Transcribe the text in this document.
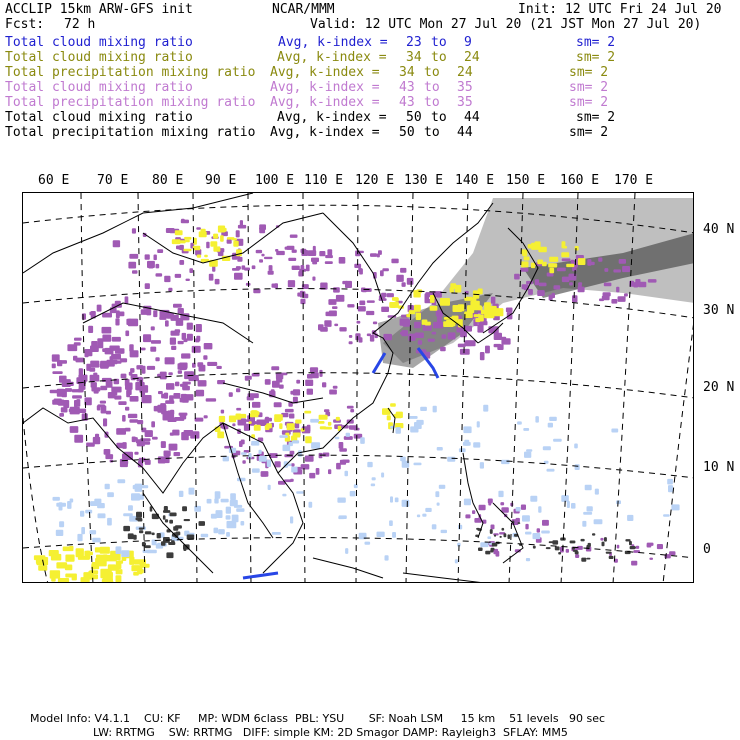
ACCLIP 15km ARW-GFS init	NCAR/MMM	Init: 12 UTC Fri 24 Jul 20
Fcst: 72 h	Valid: 12 UTC Mon 27 Jul 20 (21 JST Mon 27 Jul 20)
Total cloud mixing ratio	Avg, k-index = 23 to 9	sm= 2
Total cloud mixing ratio	Avg, k-index = 34 to 24	sm= 2
Total precipitation mixing ratio Avg, k-index = 34 to 24	sm= 2
Total cloud mixing ratio	Avg, k-index = 43 to 35	sm= 2
Total precipitation mixing ratio Avg, k-index = 43 to 35	sm= 2
Total cloud mixing ratio	Avg, k-index = 50 to 44	sm= 2
Total precipitation mixing ratio Avg, k-index = 50 to 44	sm= 2
60 E 70 E 80 E 90 E 100 E 110 E 120 E 130 E 140 E 150 E 160 E 170 E
40 N
30 N
20 N
10 N
0
Model Info: V4.1.1    CU: KF     MP: WDM 6class  PBL: YSU       SF: Noah LSM     15 km    51 levels   90 sec
LW: RRTMG    SW: RRTMG   DIFF: simple KM: 2D Smagor DAMP: Rayleigh3  SFLAY: MM5
